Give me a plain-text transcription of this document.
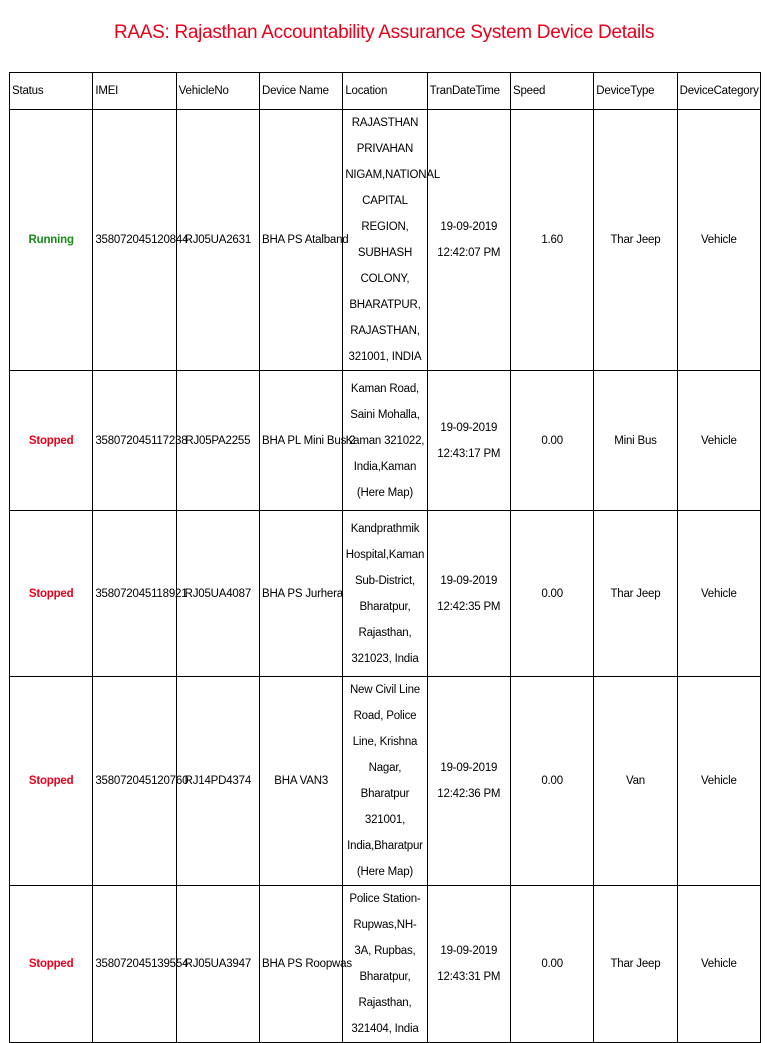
RAAS: Rajasthan Accountability Assurance System Device Details
Status	IMEI	VehicleNo	Device Name	Location	TranDateTime	Speed	DeviceType	DeviceCategory
Running	358072045120844	RJ05UA2631	BHA PS Atalband	RAJASTHAN PRIVAHAN NIGAM,NATIONAL CAPITAL REGION, SUBHASH COLONY, BHARATPUR, RAJASTHAN, 321001, INDIA	19-09-2019 12:42:07 PM	1.60	Thar Jeep	Vehicle
Stopped	358072045117238	RJ05PA2255	BHA PL Mini Bus 2	Kaman Road, Saini Mohalla, Kaman 321022, India,Kaman (Here Map)	19-09-2019 12:43:17 PM	0.00	Mini Bus	Vehicle
Stopped	358072045118921	RJ05UA4087	BHA PS Jurhera	Kandprathmik Hospital,Kaman Sub-District, Bharatpur, Rajasthan, 321023, India	19-09-2019 12:42:35 PM	0.00	Thar Jeep	Vehicle
Stopped	358072045120760	RJ14PD4374	BHA VAN3	New Civil Line Road, Police Line, Krishna Nagar, Bharatpur 321001, India,Bharatpur (Here Map)	19-09-2019 12:42:36 PM	0.00	Van	Vehicle
Stopped	358072045139554	RJ05UA3947	BHA PS Roopwas	Police Station-Rupwas,NH-3A, Rupbas, Bharatpur, Rajasthan, 321404, India	19-09-2019 12:43:31 PM	0.00	Thar Jeep	Vehicle
